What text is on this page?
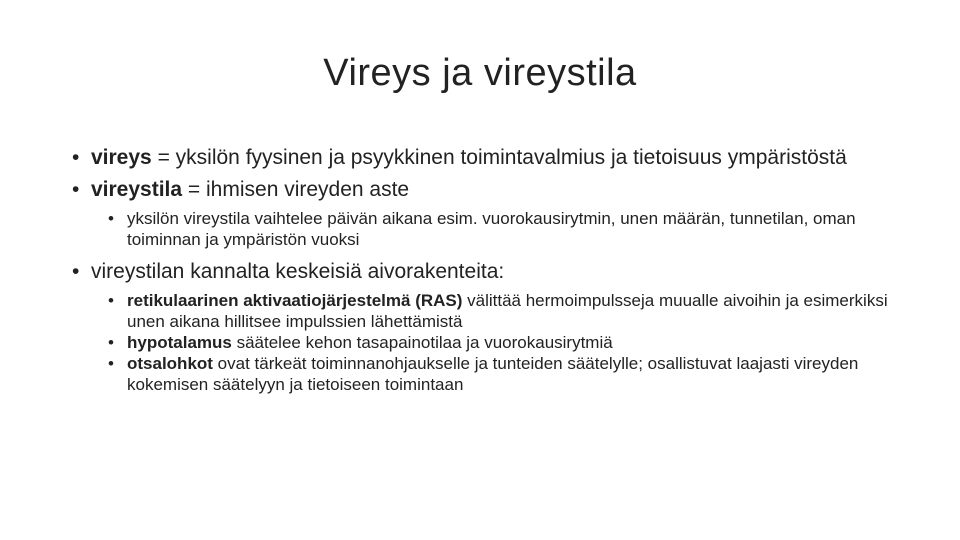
Vireys ja vireystila
• vireys = yksilön fyysinen ja psyykkinen toimintavalmius ja tietoisuus ympäristöstä
• vireystila = ihmisen vireyden aste
• yksilön vireystila vaihtelee päivän aikana esim. vuorokausirytmin, unen määrän, tunnetilan, oman toiminnan ja ympäristön vuoksi
• vireystilan kannalta keskeisiä aivorakenteita:
• retikulaarinen aktivaatiojärjestelmä (RAS) välittää hermoimpulsseja muualle aivoihin ja esimerkiksi unen aikana hillitsee impulssien lähettämistä
• hypotalamus säätelee kehon tasapainotilaa ja vuorokausirytmiä
• otsalohkot ovat tärkeät toiminnanohjaukselle ja tunteiden säätelylle; osallistuvat laajasti vireyden kokemisen säätelyyn ja tietoiseen toimintaan
